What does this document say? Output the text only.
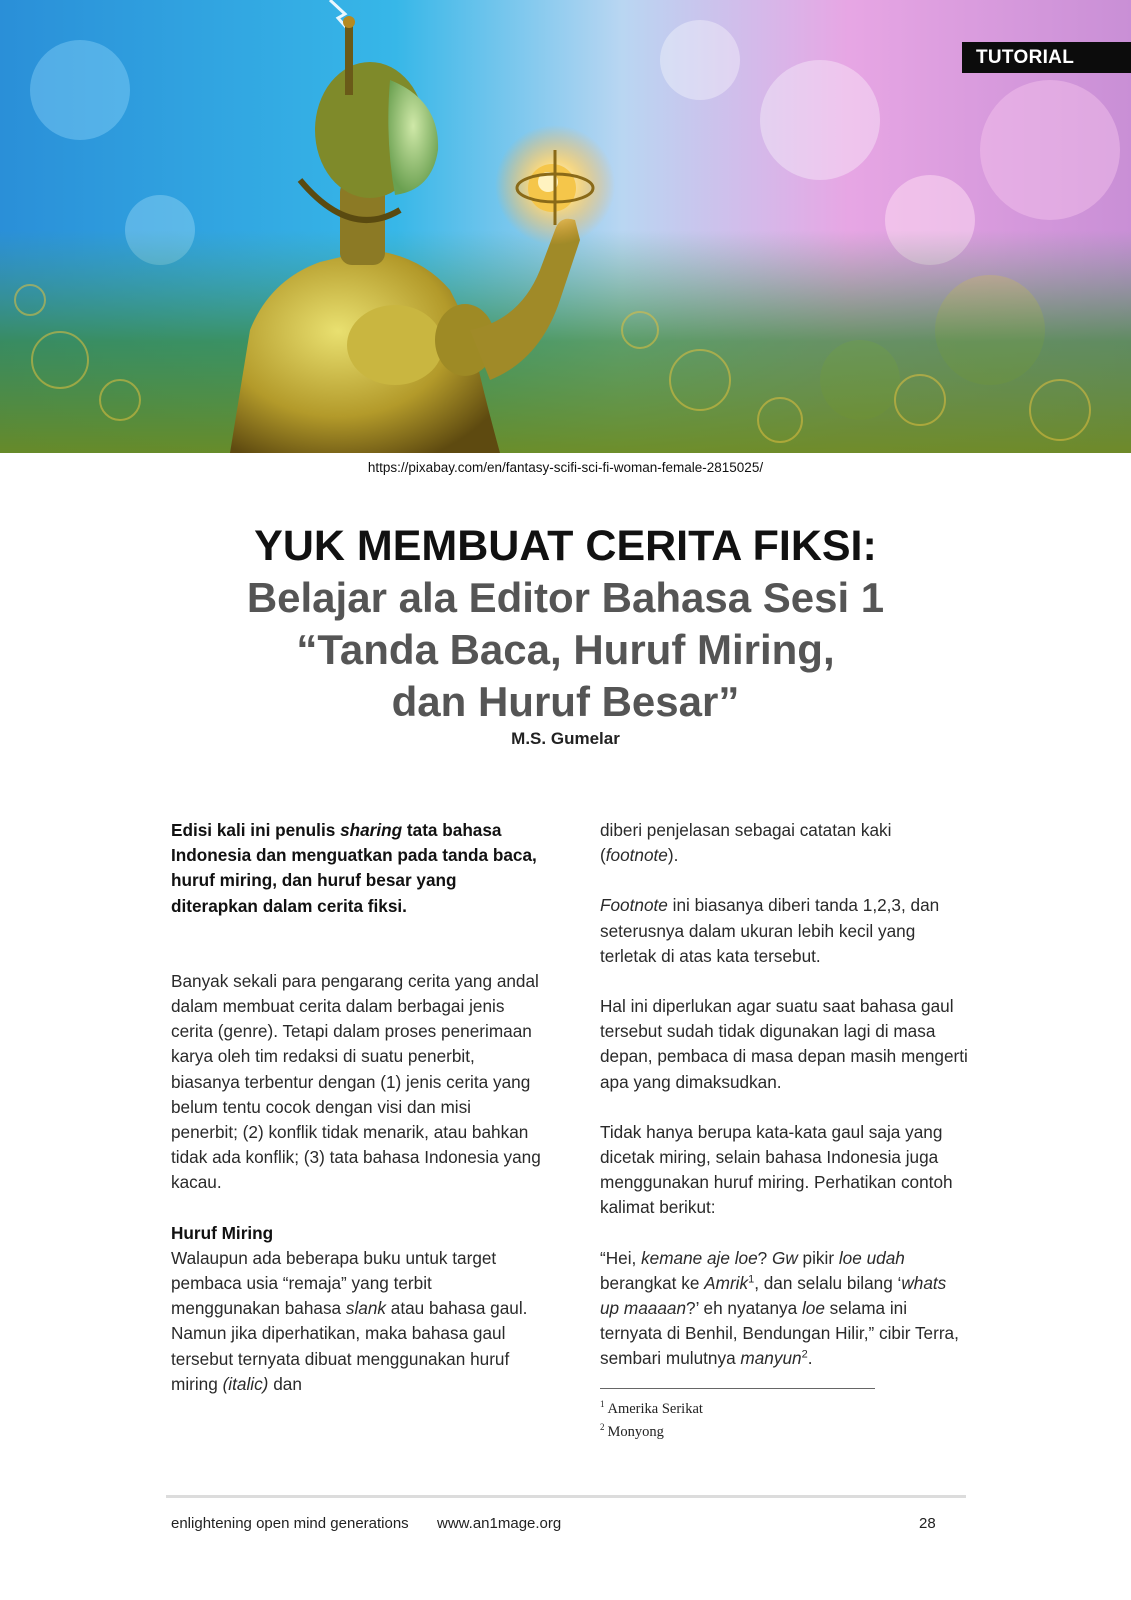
TUTORIAL
https://pixabay.com/en/fantasy-scifi-sci-fi-woman-female-2815025/
YUK MEMBUAT CERITA FIKSI:
Belajar ala Editor Bahasa Sesi 1
“Tanda Baca, Huruf Miring,
dan Huruf Besar”
M.S. Gumelar

Edisi kali ini penulis sharing tata bahasa Indonesia dan menguatkan pada tanda baca, huruf miring, dan huruf besar yang diterapkan dalam cerita fiksi.

Banyak sekali para pengarang cerita yang andal dalam membuat cerita dalam berbagai jenis cerita (genre). Tetapi dalam proses penerimaan karya oleh tim redaksi di suatu penerbit, biasanya terbentur dengan (1) jenis cerita yang belum tentu cocok dengan visi dan misi penerbit; (2) konflik tidak menarik, atau bahkan tidak ada konflik; (3) tata bahasa Indonesia yang kacau.

Huruf Miring

Walaupun ada beberapa buku untuk target pembaca usia “remaja” yang terbit menggunakan bahasa slank atau bahasa gaul. Namun jika diperhatikan, maka bahasa gaul tersebut ternyata dibuat menggunakan huruf miring (italic) dan

diberi penjelasan sebagai catatan kaki (footnote).

Footnote ini biasanya diberi tanda 1,2,3, dan seterusnya dalam ukuran lebih kecil yang terletak di atas kata tersebut.

Hal ini diperlukan agar suatu saat bahasa gaul tersebut sudah tidak digunakan lagi di masa depan, pembaca di masa depan masih mengerti apa yang dimaksudkan.

Tidak hanya berupa kata-kata gaul saja yang dicetak miring, selain bahasa Indonesia juga menggunakan huruf miring. Perhatikan contoh kalimat berikut:

“Hei, kemane aje loe? Gw pikir loe udah berangkat ke Amrik$^1$, dan selalu bilang ‘whats up maaaan?’ eh nyatanya loe selama ini ternyata di Benhil, Bendungan Hilir,” cibir Terra, sembari mulutnya manyun$^2$.

$^1$ Amerika Serikat
$^2$ Monyong
enlightening open mind generations www.an1mage.org	28
